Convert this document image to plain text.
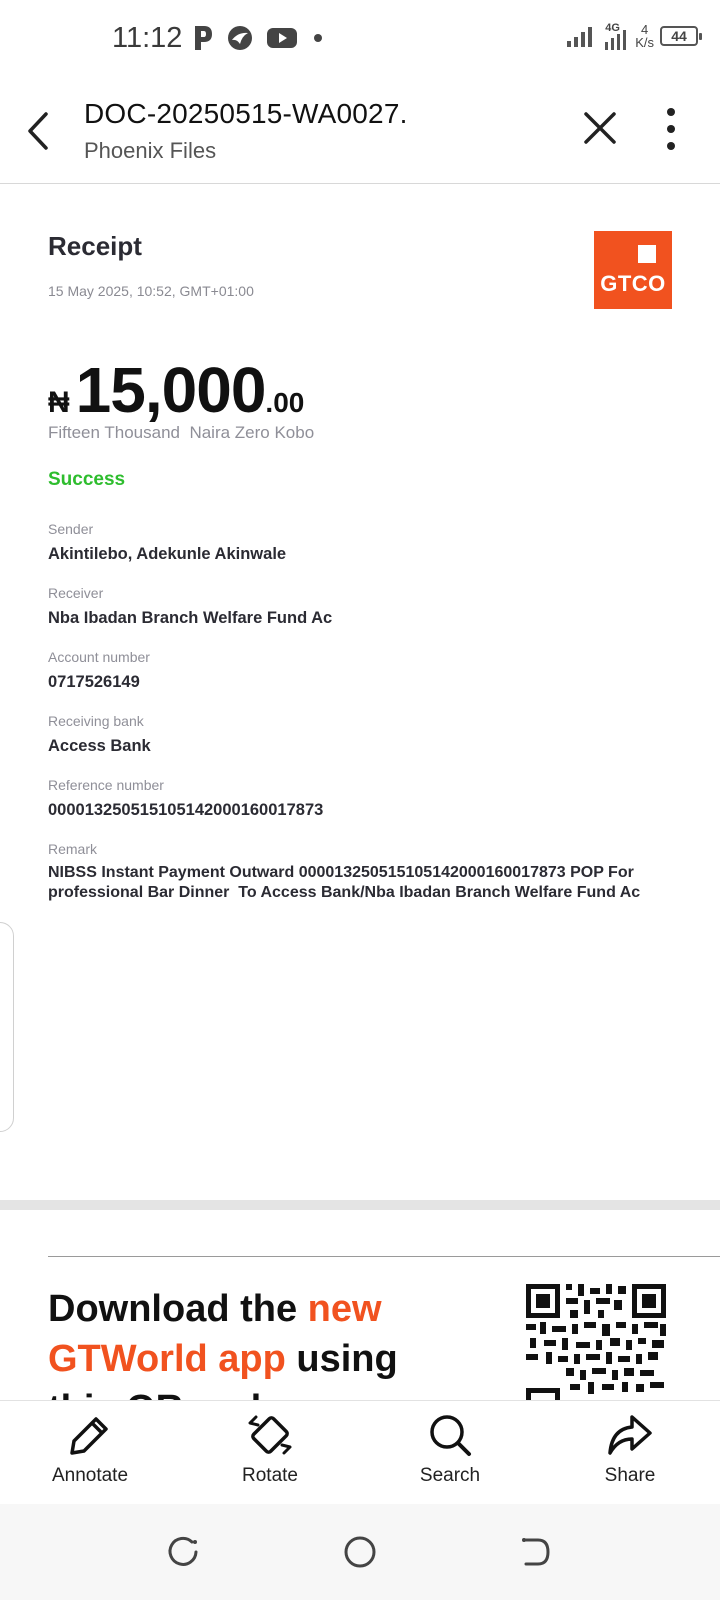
11:12	4G	4
K/s	44
DOC-20250515-WA0027.
Phoenix Files
Receipt
15 May 2025, 10:52, GMT+01:00	GTCO
₦ 15,000 .00
Fifteen Thousand  Naira Zero Kobo
Success
Sender
Akintilebo, Adekunle Akinwale
Receiver
Nba Ibadan Branch Welfare Fund Ac
Account number
0717526149
Receiving bank
Access Bank
Reference number
000013250515105142000160017873
Remark
NIBSS Instant Payment Outward 000013250515105142000160017873 POP For professional Bar Dinner  To Access Bank/Nba Ibadan Branch Welfare Fund Ac
Download the new
GTWorld app using

Annotate	Rotate	Search	Share
